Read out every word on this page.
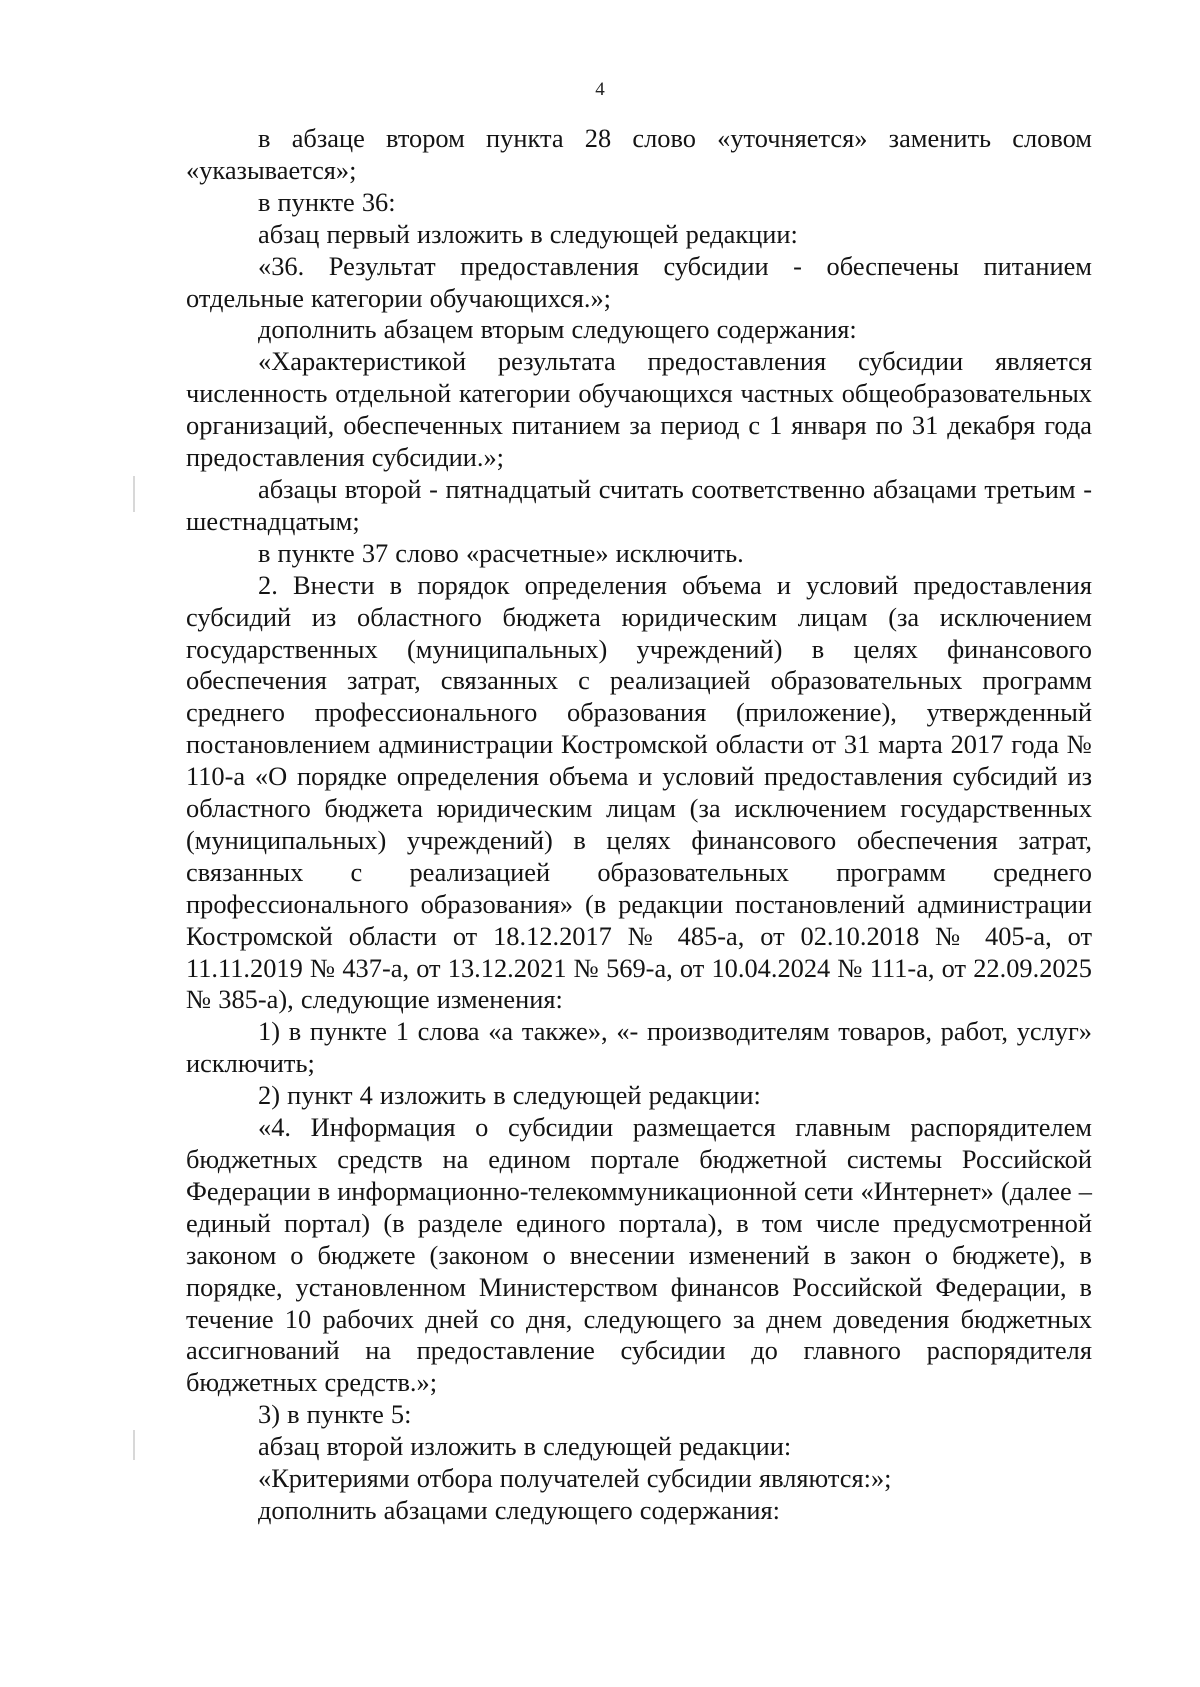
4

в абзаце втором пункта 28 слово «уточняется» заменить словом «указывается»;

в пункте 36:

абзац первый изложить в следующей редакции:

«36. Результат предоставления субсидии - обеспечены питанием отдельные категории обучающихся.»;

дополнить абзацем вторым следующего содержания:

«Характеристикой результата предоставления субсидии является численность отдельной категории обучающихся частных общеобразовательных организаций, обеспеченных питанием за период с 1 января по 31 декабря года предоставления субсидии.»;

абзацы второй - пятнадцатый считать соответственно абзацами третьим - шестнадцатым;

в пункте 37 слово «расчетные» исключить.

2. Внести в порядок определения объема и условий предоставления субсидий из областного бюджета юридическим лицам (за исключением государственных (муниципальных) учреждений) в целях финансового обеспечения затрат, связанных с реализацией образовательных программ среднего профессионального образования (приложение), утвержденный постановлением администрации Костромской области от 31 марта 2017 года № 110-а «О порядке определения объема и условий предоставления субсидий из областного бюджета юридическим лицам (за исключением государственных (муниципальных) учреждений) в целях финансового обеспечения затрат, связанных с реализацией образовательных программ среднего профессионального образования» (в редакции постановлений администрации Костромской области от 18.12.2017 № 485-а, от 02.10.2018 № 405-а, от 11.11.2019 № 437-а, от 13.12.2021 № 569-а, от 10.04.2024 № 111-а, от 22.09.2025 № 385-а), следующие изменения:

1) в пункте 1 слова «а также», «- производителям товаров, работ, услуг» исключить;

2) пункт 4 изложить в следующей редакции:

«4. Информация о субсидии размещается главным распорядителем бюджетных средств на едином портале бюджетной системы Российской Федерации в информационно-телекоммуникационной сети «Интернет» (далее – единый портал) (в разделе единого портала), в том числе предусмотренной законом о бюджете (законом о внесении изменений в закон о бюджете), в порядке, установленном Министерством финансов Российской Федерации, в течение 10 рабочих дней со дня, следующего за днем доведения бюджетных ассигнований на предоставление субсидии до главного распорядителя бюджетных средств.»;

3) в пункте 5:

абзац второй изложить в следующей редакции:

«Критериями отбора получателей субсидии являются:»;

дополнить абзацами следующего содержания:
